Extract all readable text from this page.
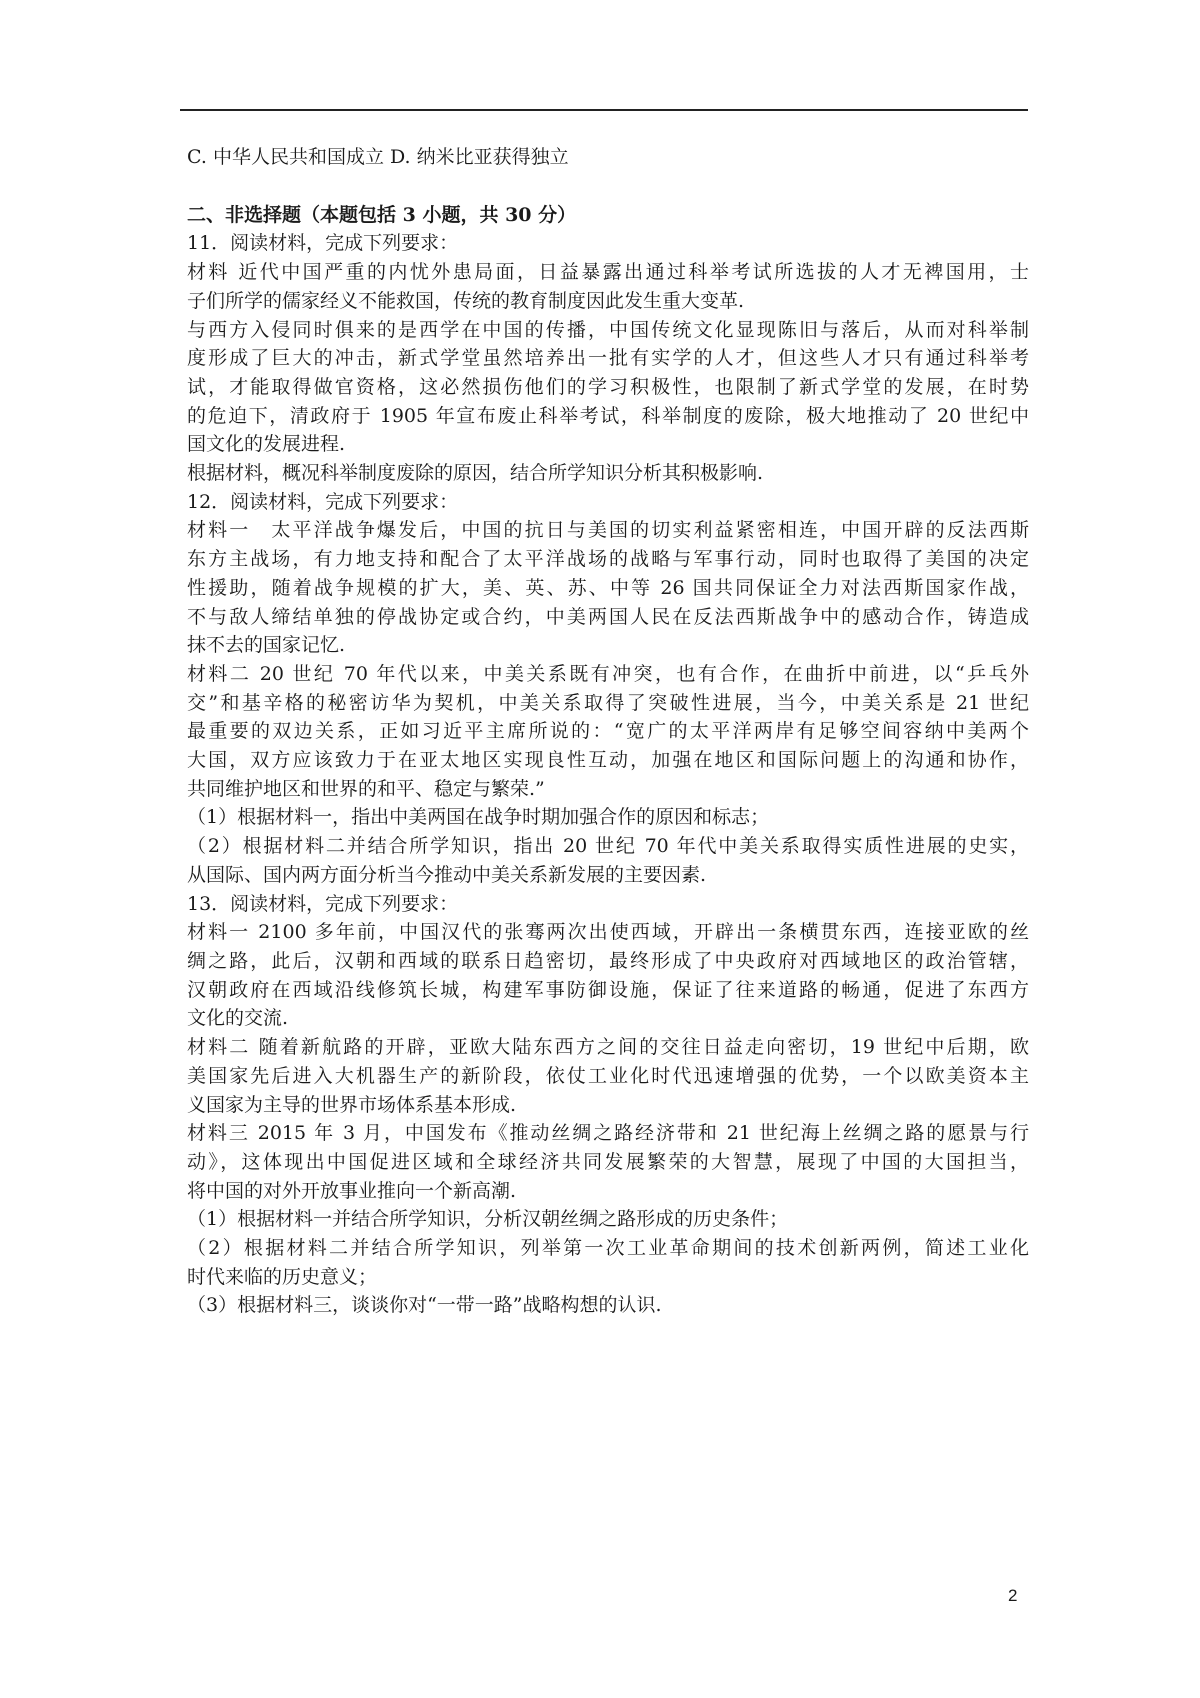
C. 中华人民共和国成立 D. 纳米比亚获得独立
二、非选择题（本题包括 3 小题，共 30 分）
11．阅读材料，完成下列要求：
材料 近代中国严重的内忧外患局面，日益暴露出通过科举考试所选拔的人才无裨国用，士
子们所学的儒家经义不能救国，传统的教育制度因此发生重大变革.
与西方入侵同时俱来的是西学在中国的传播，中国传统文化显现陈旧与落后，从而对科举制
度形成了巨大的冲击，新式学堂虽然培养出一批有实学的人才，但这些人才只有通过科举考
试，才能取得做官资格，这必然损伤他们的学习积极性，也限制了新式学堂的发展，在时势
的危迫下，清政府于 1905 年宣布废止科举考试，科举制度的废除，极大地推动了 20 世纪中
国文化的发展进程.
根据材料，概况科举制度废除的原因，结合所学知识分析其积极影响.
12．阅读材料，完成下列要求：
材料一　太平洋战争爆发后，中国的抗日与美国的切实利益紧密相连，中国开辟的反法西斯
东方主战场，有力地支持和配合了太平洋战场的战略与军事行动，同时也取得了美国的决定
性援助，随着战争规模的扩大，美、英、苏、中等 26 国共同保证全力对法西斯国家作战，
不与敌人缔结单独的停战协定或合约，中美两国人民在反法西斯战争中的感动合作，铸造成
抹不去的国家记忆.
材料二 20 世纪 70 年代以来，中美关系既有冲突，也有合作，在曲折中前进，以“乒乓外
交”和基辛格的秘密访华为契机，中美关系取得了突破性进展，当今，中美关系是 21 世纪
最重要的双边关系，正如习近平主席所说的：“宽广的太平洋两岸有足够空间容纳中美两个
大国，双方应该致力于在亚太地区实现良性互动，加强在地区和国际问题上的沟通和协作，
共同维护地区和世界的和平、稳定与繁荣.”
（1）根据材料一，指出中美两国在战争时期加强合作的原因和标志；
（2）根据材料二并结合所学知识，指出 20 世纪 70 年代中美关系取得实质性进展的史实，
从国际、国内两方面分析当今推动中美关系新发展的主要因素.
13．阅读材料，完成下列要求：
材料一 2100 多年前，中国汉代的张骞两次出使西域，开辟出一条横贯东西，连接亚欧的丝
绸之路，此后，汉朝和西域的联系日趋密切，最终形成了中央政府对西域地区的政治管辖，
汉朝政府在西域沿线修筑长城，构建军事防御设施，保证了往来道路的畅通，促进了东西方
文化的交流.
材料二 随着新航路的开辟，亚欧大陆东西方之间的交往日益走向密切，19 世纪中后期，欧
美国家先后进入大机器生产的新阶段，依仗工业化时代迅速增强的优势，一个以欧美资本主
义国家为主导的世界市场体系基本形成.
材料三 2015 年 3 月，中国发布《推动丝绸之路经济带和 21 世纪海上丝绸之路的愿景与行
动》，这体现出中国促进区域和全球经济共同发展繁荣的大智慧，展现了中国的大国担当，
将中国的对外开放事业推向一个新高潮.
（1）根据材料一并结合所学知识，分析汉朝丝绸之路形成的历史条件；
（2）根据材料二并结合所学知识，列举第一次工业革命期间的技术创新两例，简述工业化
时代来临的历史意义；
（3）根据材料三，谈谈你对“一带一路”战略构想的认识.
2
